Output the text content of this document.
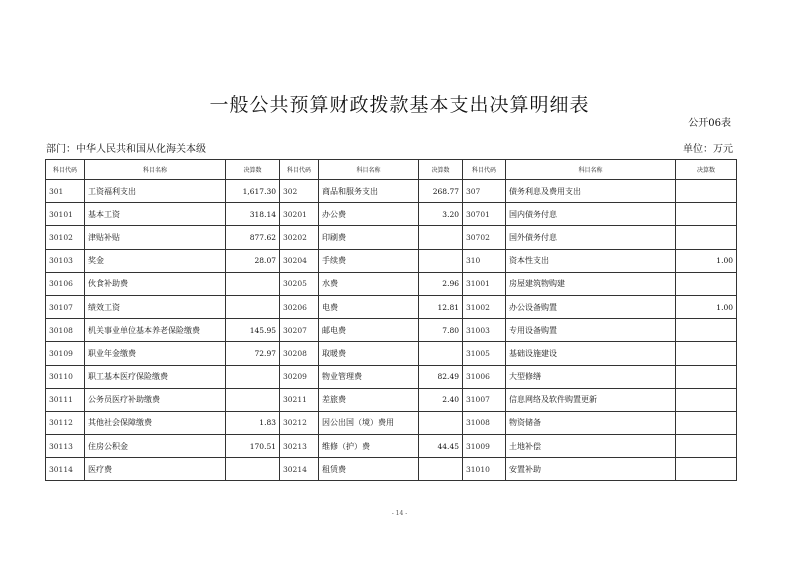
一般公共预算财政拨款基本支出决算明细表
公开06表
部门：中华人民共和国从化海关本级	单位：万元
科目代码	科目名称	决算数	科目代码	科目名称	决算数	科目代码	科目名称	决算数
301	工资福利支出	1,617.30	302	商品和服务支出	268.77	307	债务利息及费用支出	
30101	基本工资	318.14	30201	办公费	3.20	30701	国内债务付息	
30102	津贴补贴	877.62	30202	印刷费		30702	国外债务付息	
30103	奖金	28.07	30204	手续费		310	资本性支出	1.00
30106	伙食补助费		30205	水费	2.96	31001	房屋建筑物购建	
30107	绩效工资		30206	电费	12.81	31002	办公设备购置	1.00
30108	机关事业单位基本养老保险缴费	145.95	30207	邮电费	7.80	31003	专用设备购置	
30109	职业年金缴费	72.97	30208	取暖费		31005	基础设施建设	
30110	职工基本医疗保险缴费		30209	物业管理费	82.49	31006	大型修缮	
30111	公务员医疗补助缴费		30211	差旅费	2.40	31007	信息网络及软件购置更新	
30112	其他社会保障缴费	1.83	30212	因公出国（境）费用		31008	物资储备	
30113	住房公积金	170.51	30213	维修（护）费	44.45	31009	土地补偿	
30114	医疗费		30214	租赁费		31010	安置补助	
- 14 -
